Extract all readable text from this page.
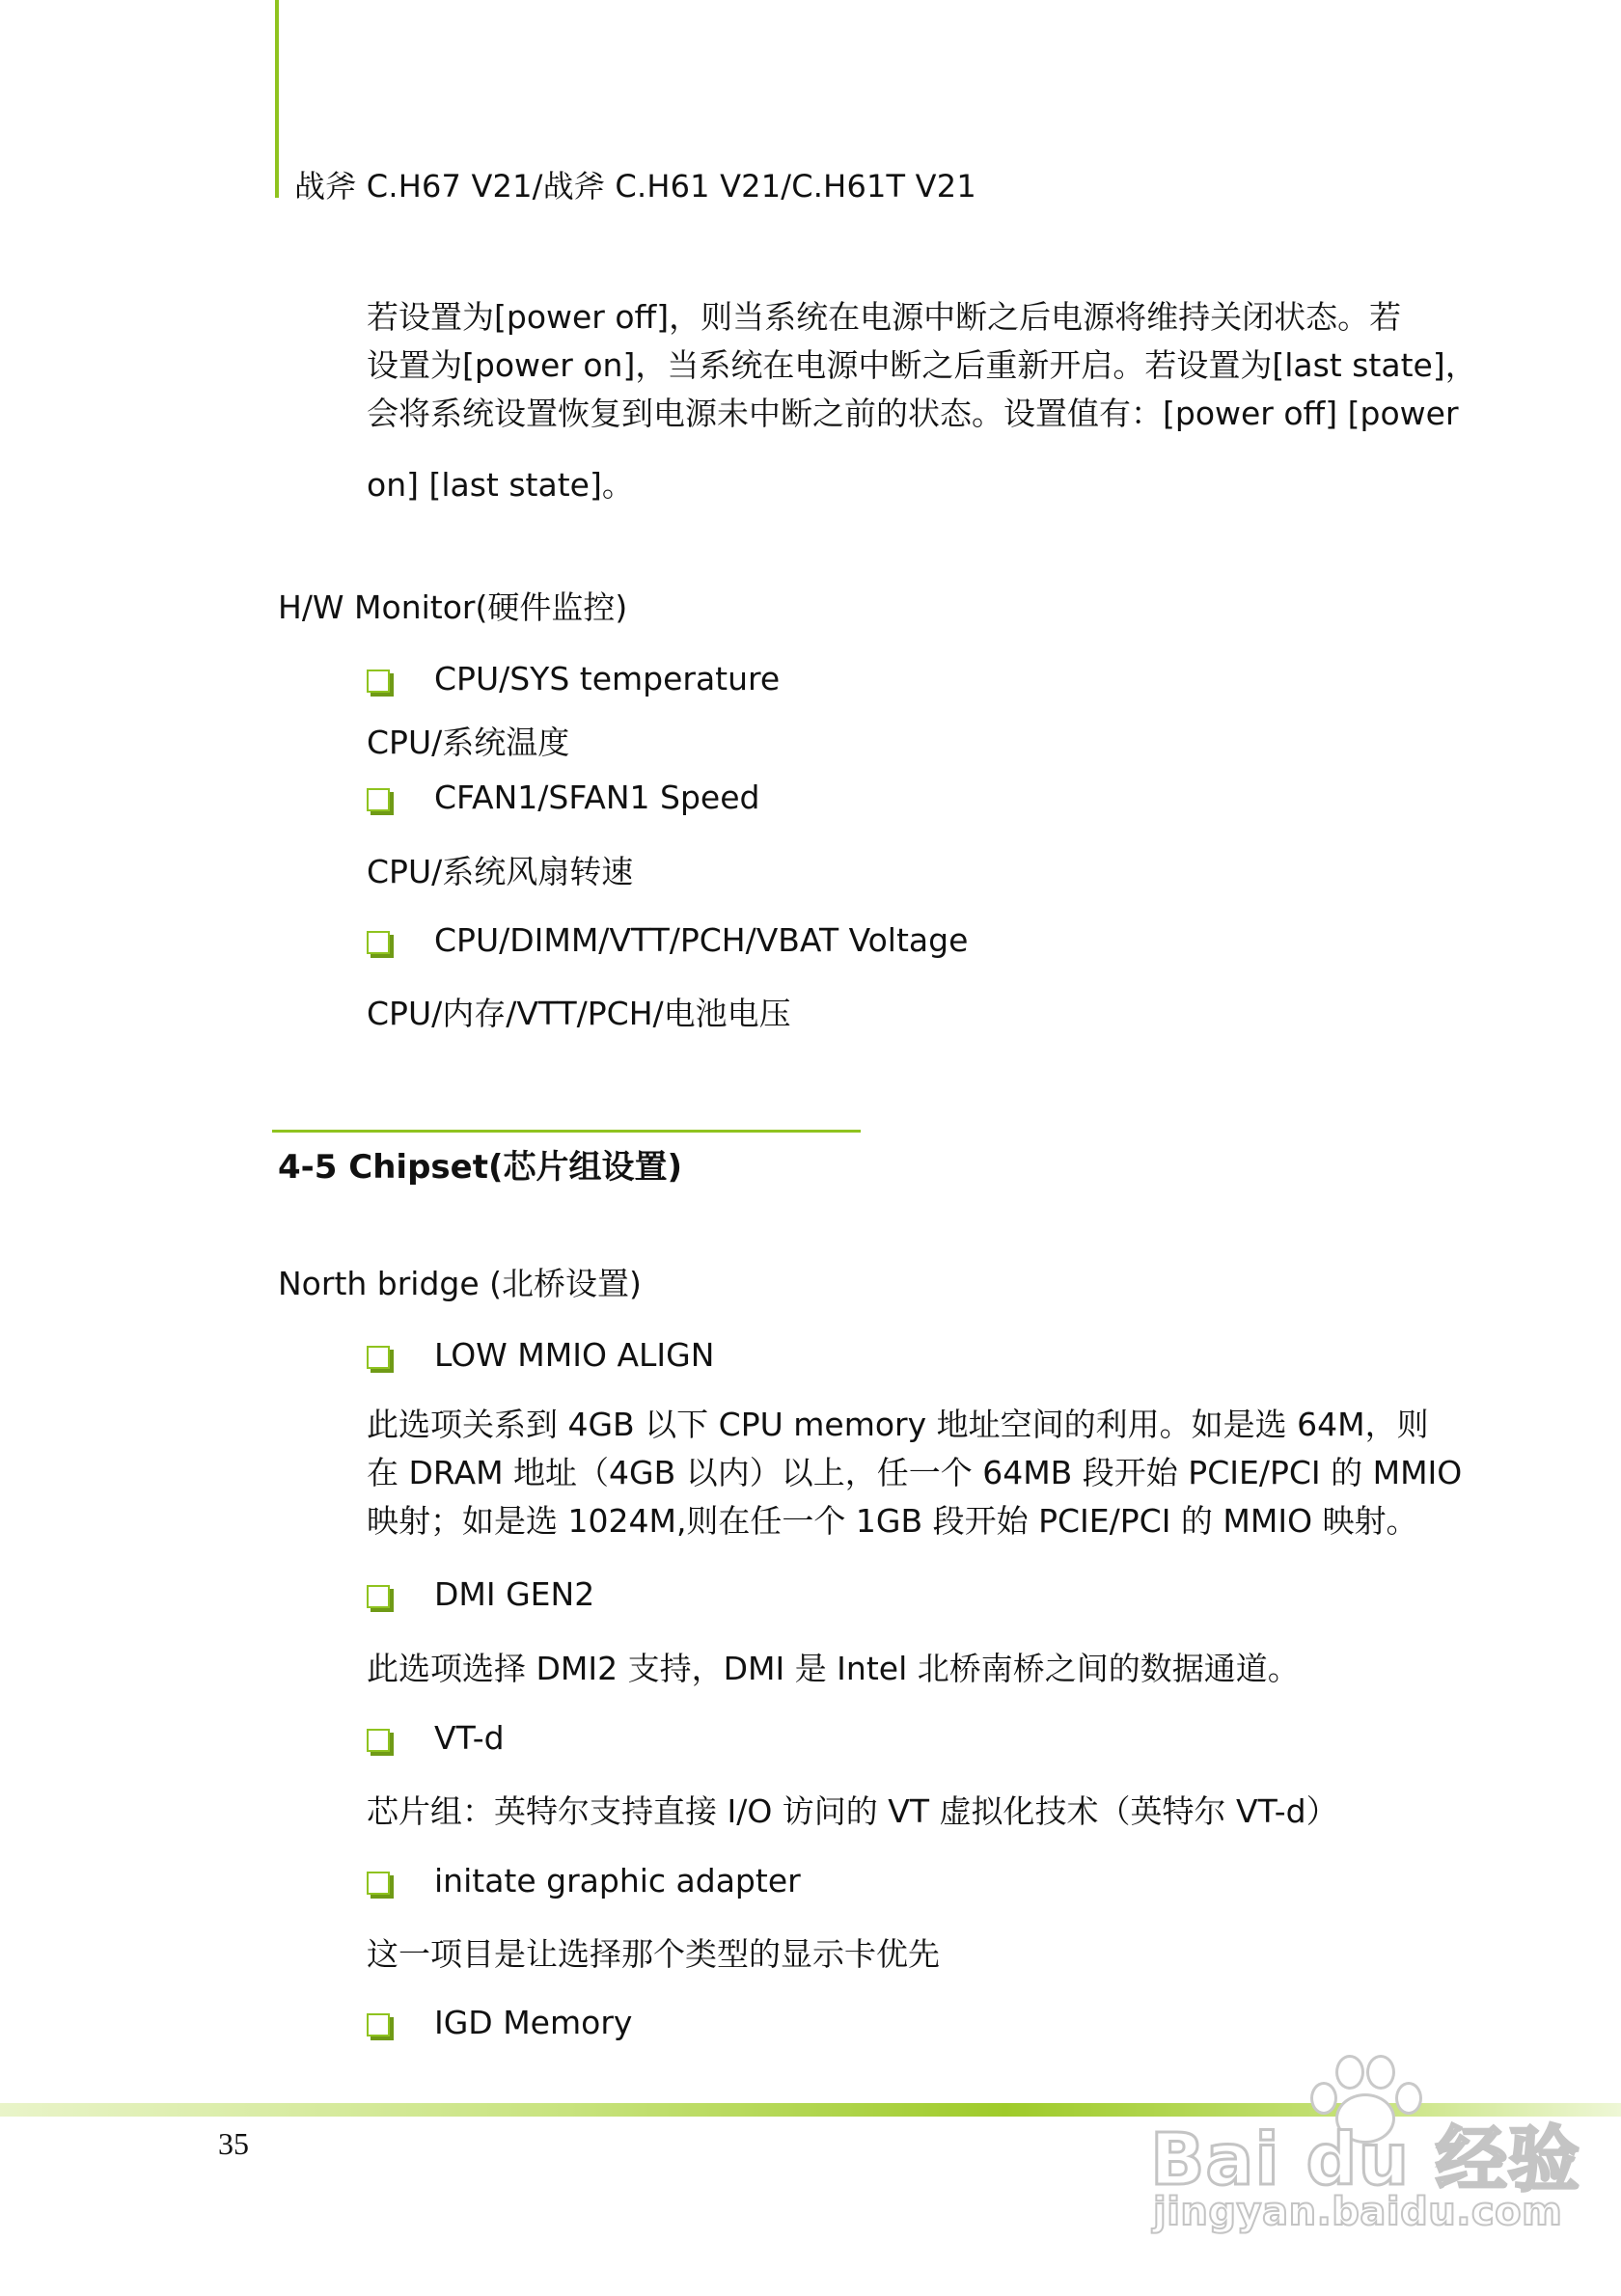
战斧 C.H67 V21/战斧 C.H61 V21/C.H61T V21
若设置为[power off]，则当系统在电源中断之后电源将维持关闭状态。若
设置为[power on]，当系统在电源中断之后重新开启。若设置为[last state]，
会将系统设置恢复到电源未中断之前的状态。设置值有：[power off] [power
on] [last state]。
H/W Monitor(硬件监控)
CPU/SYS temperature
CPU/系统温度
CFAN1/SFAN1 Speed
CPU/系统风扇转速
CPU/DIMM/VTT/PCH/VBAT Voltage
CPU/内存/VTT/PCH/电池电压
4-5 Chipset(芯片组设置)
North bridge (北桥设置)
LOW MMIO ALIGN
此选项关系到 4GB 以下 CPU memory 地址空间的利用。如是选 64M，则
在 DRAM 地址（4GB 以内）以上，任一个 64MB 段开始 PCIE/PCI 的 MMIO
映射；如是选 1024M,则在任一个 1GB 段开始 PCIE/PCI 的 MMIO 映射。
DMI GEN2
此选项选择 DMI2 支持，DMI 是 Intel 北桥南桥之间的数据通道。
VT-d
芯片组：英特尔支持直接 I/O 访问的 VT 虚拟化技术（英特尔 VT-d）
initate graphic adapter
这一项目是让选择那个类型的显示卡优先
IGD Memory
35	Bai du 经验
jingyan.baidu.com
